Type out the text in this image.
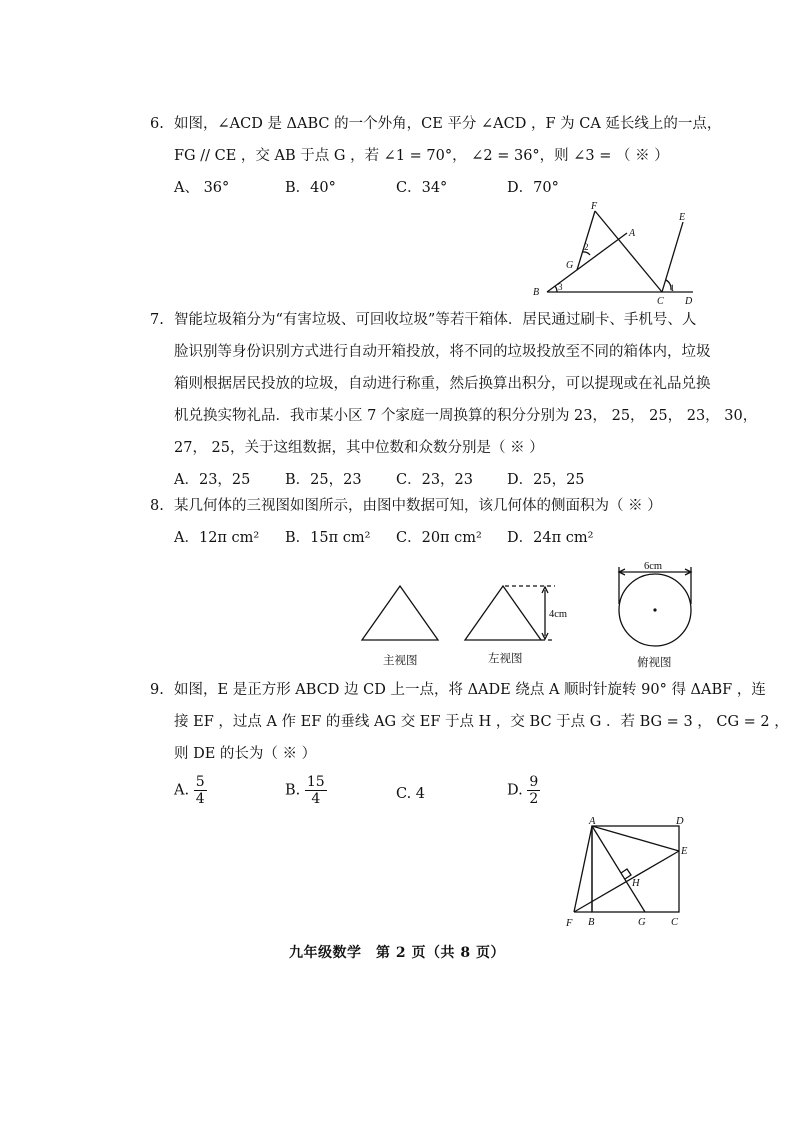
6. 如图，∠ACD 是 ΔABC 的一个外角，CE 平分 ∠ACD ，F 为 CA 延长线上的一点，
FG // CE ，交 AB 于点 G ，若 ∠1 = 70°， ∠2 = 36°，则 ∠3 = （ ※ ）
A、 36°	B．40°	C．34°	D．70°
F
E
A
G
B
C D
1
2
3
7. 智能垃圾箱分为“有害垃圾、可回收垃圾”等若干箱体．居民通过刷卡、手机号、人
脸识别等身份识别方式进行自动开箱投放，将不同的垃圾投放至不同的箱体内，垃圾
箱则根据居民投放的垃圾，自动进行称重，然后换算出积分，可以提现或在礼品兑换
机兑换实物礼品．我市某小区 7 个家庭一周换算的积分分别为 23， 25， 25， 23， 30，
27， 25，关于这组数据，其中位数和众数分别是（ ※ ）
A．23，25 B．25，23 C．23，23 D．25，25
8. 某几何体的三视图如图所示，由图中数据可知，该几何体的侧面积为（ ※ ）
A．12π cm² B．15π cm² C．20π cm² D．24π cm²
4cm
6cm
主视图	左视图	俯视图
9. 如图，E 是正方形 ABCD 边 CD 上一点，将 ΔADE 绕点 A 顺时针旋转 90° 得 ΔABF ，连
接 EF ，过点 A 作 EF 的垂线 AG 交 EF 于点 H ，交 BC 于点 G ．若 BG = 3 ， CG = 2 ，
则 DE 的长为（ ※ ）
A. $\frac{5}{4}$	B. $\frac{15}{4}$	C. 4	D. $\frac{9}{2}$
A	D
E
H
F B	G C
九年级数学　第 2 页（共 8 页）
